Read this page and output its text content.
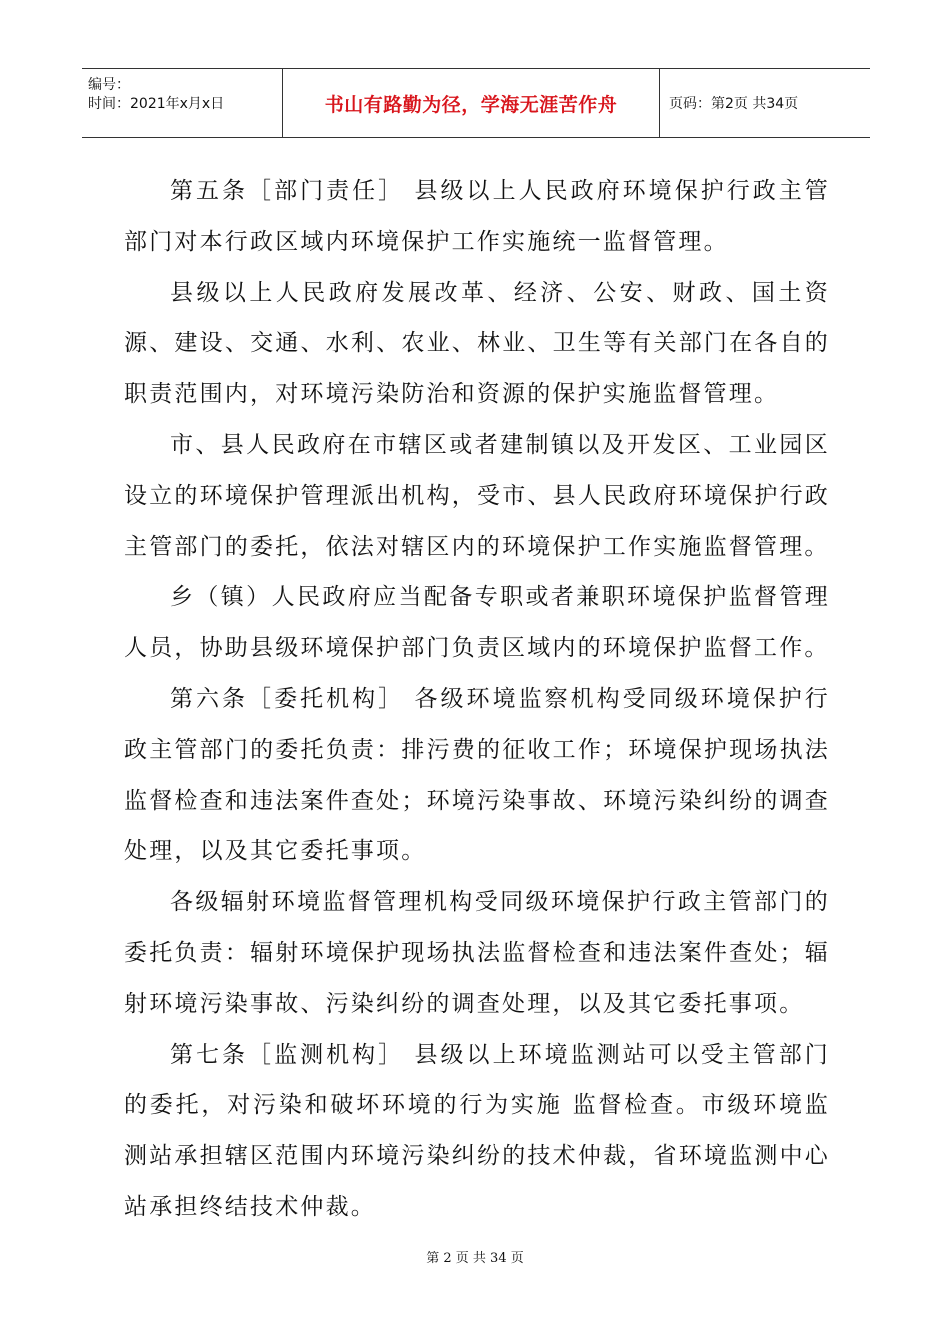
编号：
时间：2021年x月x日	书山有路勤为径，学海无涯苦作舟	页码：第2页 共34页

第五条［部门责任］ 县级以上人民政府环境保护行政主管部门对本行政区域内环境保护工作实施统一监督管理。

县级以上人民政府发展改革、经济、公安、财政、国土资源、建设、交通、水利、农业、林业、卫生等有关部门在各自的职责范围内，对环境污染防治和资源的保护实施监督管理。

市、县人民政府在市辖区或者建制镇以及开发区、工业园区设立的环境保护管理派出机构，受市、县人民政府环境保护行政主管部门的委托，依法对辖区内的环境保护工作实施监督管理。

乡（镇）人民政府应当配备专职或者兼职环境保护监督管理人员，协助县级环境保护部门负责区域内的环境保护监督工作。

第六条［委托机构］ 各级环境监察机构受同级环境保护行政主管部门的委托负责：排污费的征收工作；环境保护现场执法监督检查和违法案件查处；环境污染事故、环境污染纠纷的调查处理，以及其它委托事项。

各级辐射环境监督管理机构受同级环境保护行政主管部门的委托负责：辐射环境保护现场执法监督检查和违法案件查处；辐射环境污染事故、污染纠纷的调查处理，以及其它委托事项。

第七条［监测机构］ 县级以上环境监测站可以受主管部门的委托，对污染和破坏环境的行为实施 监督检查。市级环境监测站承担辖区范围内环境污染纠纷的技术仲裁，省环境监测中心站承担终结技术仲裁。

第 2 页 共 34 页
